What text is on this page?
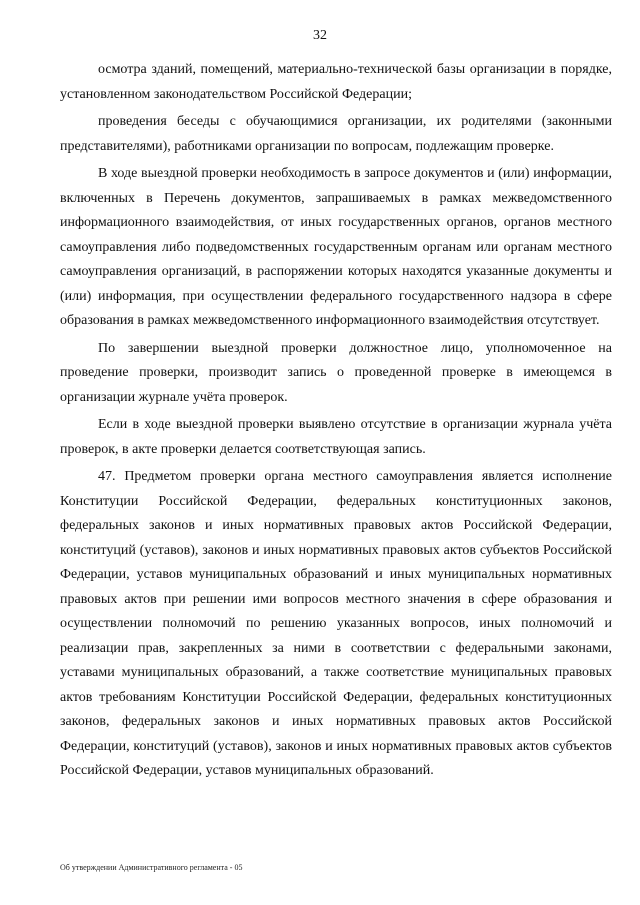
32

осмотра зданий, помещений, материально-технической базы организации в порядке, установленном законодательством Российской Федерации;

проведения беседы с обучающимися организации, их родителями (законными представителями), работниками организации по вопросам, подлежащим проверке.

В ходе выездной проверки необходимость в запросе документов и (или) информации, включенных в Перечень документов, запрашиваемых в рамках межведомственного информационного взаимодействия, от иных государственных органов, органов местного самоуправления либо подведомственных государственным органам или органам местного самоуправления организаций, в распоряжении которых находятся указанные документы и (или) информация, при осуществлении федерального государственного надзора в сфере образования в рамках межведомственного информационного взаимодействия отсутствует.

По завершении выездной проверки должностное лицо, уполномоченное на проведение проверки, производит запись о проведенной проверке в имеющемся в организации журнале учёта проверок.

Если в ходе выездной проверки выявлено отсутствие в организации журнала учёта проверок, в акте проверки делается соответствующая запись.

47. Предметом проверки органа местного самоуправления является исполнение Конституции Российской Федерации, федеральных конституционных законов, федеральных законов и иных нормативных правовых актов Российской Федерации, конституций (уставов), законов и иных нормативных правовых актов субъектов Российской Федерации, уставов муниципальных образований и иных муниципальных нормативных правовых актов при решении ими вопросов местного значения в сфере образования и осуществлении полномочий по решению указанных вопросов, иных полномочий и реализации прав, закрепленных за ними в соответствии с федеральными законами, уставами муниципальных образований, а также соответствие муниципальных правовых актов требованиям Конституции Российской Федерации, федеральных конституционных законов, федеральных законов и иных нормативных правовых актов Российской Федерации, конституций (уставов), законов и иных нормативных правовых актов субъектов Российской Федерации, уставов муниципальных образований.

Об утверждении Административного регламента - 05
